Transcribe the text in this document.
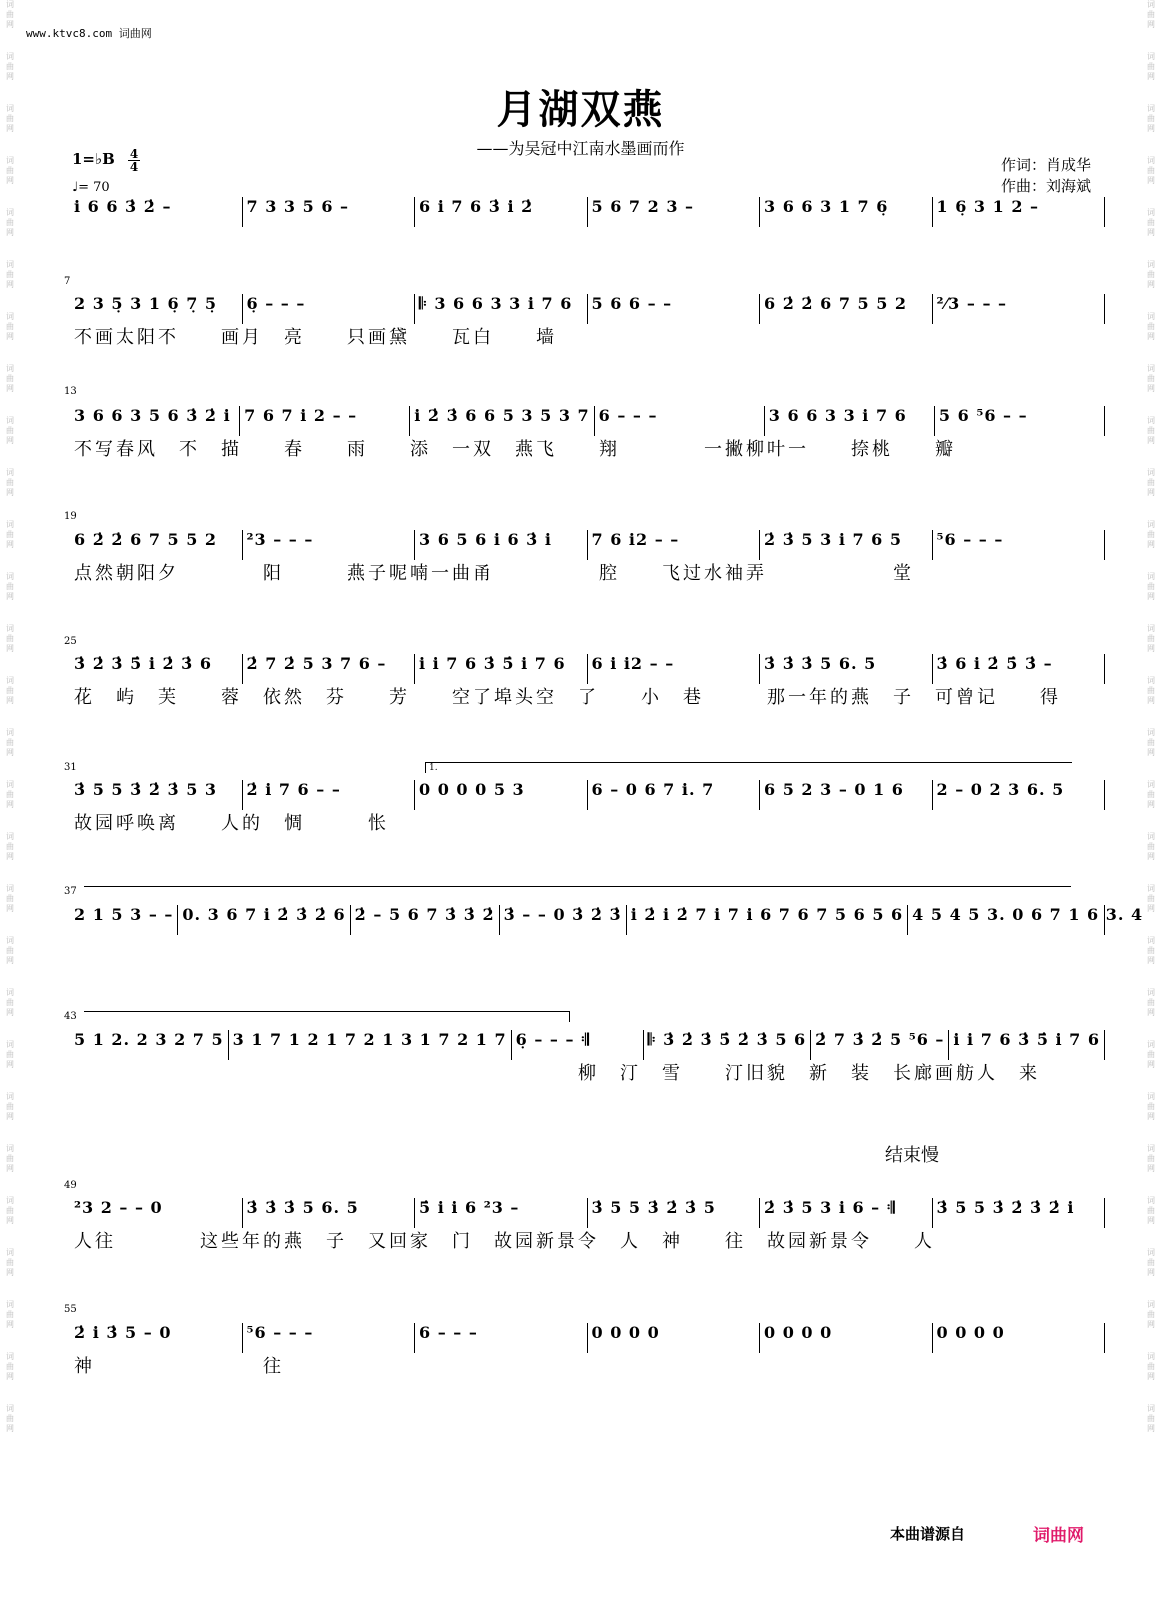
词
曲
网
词
曲
网
词
曲
网
词
曲
网
词
曲
网
词
曲
网
词
曲
网
词
曲
网
词
曲
网
词
曲
网
词
曲
网
词
曲
网
词
曲
网
词
曲
网
词
曲
网
词
曲
网
词
曲
网
词
曲
网
词
曲
网
词
曲
网
词
曲
网
词
曲
网
词
曲
网
词
曲
网
词
曲
网
词
曲
网
词
曲
网
词
曲
网
词
曲
网
词
曲
网
词
曲
网
词
曲
网
词
曲
网
词
曲
网
词
曲
网
词
曲
网
词
曲
网
词
曲
网
词
曲
网
词
曲
网
词
曲
网
词
曲
网
词
曲
网
词
曲
网
词
曲
网
词
曲
网
词
曲
网
词
曲
网
词
曲
网
词
曲
网
词
曲
网
词
曲
网
词
曲
网
词
曲
网
词
曲
网
词
曲
网
www.ktvc8.com 词曲网
月湖双燕
——为吴冠中江南水墨画而作
1=♭B 4
4
♩= 70
作词：肖成华
作曲：刘海斌
7
13
19
25
31
37
43
49
55
1.
i 6 6 3̇ 2̇ –	7 3 3 5 6 –	6 i 7 6 3̇ i 2̇	5 6 7 2 3 –	3 6 6 3 1 7 6̣	1 6̣ 3 1 2 –
2 3 5̣ 3 1 6̣ 7̣ 5̣	6̣ – – –	𝄆 3 6 6 3 3 i 7 6	5 6 6 – –	6 2̇ 2̇ 6 7 5 5 2	²⁄3 – – –
不画太阳不　　画月　亮　　只画黛　　瓦白　　墙
3 6 6 3 5 6 3̇ 2̇ i 7 6 7 i 2 – –	i 2̇ 3̇ 6 6 5 3 5 3 7 6 – – –	3 6 6 3 3 i 7 6	5 6 ⁵6 – –
不写春风　不　描　　春　　雨　　添　一双　燕飞　　翔　　　　一撇柳叶一　　捺桃　　瓣
6 2̇ 2̇ 6 7 5 5 2	²3 – – –	3 6 5 6 i 6 3̇ i	7 6 i2 – –	2̇ 3̇ 5 3 i 7 6 5	⁵6 – – –
点然朝阳夕　　　　阳　　　燕子呢喃一曲甬　　　　　腔　　飞过水袖弄　　　　　　堂
3̇ 2̇ 3̇ 5̇ i 2̇ 3̇ 6	2̇ 7 2̇ 5 3 7 6 –	i i 7 6 3̇ 5̇ i 7 6	6 i i2 – –	3̇ 3̇ 3̇ 5 6. 5	3̇ 6 i 2̇ 5̇ 3̇ –
花　屿　芙　　蓉　依然　芬　　芳　　空了埠头空　了　　小　巷　　　那一年的燕　子　可曾记　　得
3̇ 5 5 3̇ 2̇ 3̇ 5 3	2̇ i 7 6 – –	0 0 0 0 5 3	6 – 0 6 7 i. 7	6 5 2 3 – 0 1 6	2 – 0 2 3 6. 5
故园呼唤离　　人的　惆　　　怅
2 1 5 3 – – 0. 3 6 7 i 2̇ 3̇ 2̇ 6 2̇ – 5 6 7 3̇ 3̇ 2̇ 3̇ – – 0 3̇ 2̇ 3̇ i 2̇ i 2̇ 7 i 7 i 6 7 6 7 5 6 5 6 4 5 4 5 3. 0 6 7 1 6 3. 4
5 1 2. 2 3 2 7 5 3 1 7 1 2 1 7 2 1 3 1 7 2 1 7 6̣ – – – 𝄇	𝄆 3̇ 2̇ 3̇ 5̇ 2̇ 3̇ 5 6 2̇ 7 3̇ 2̇ 5 ⁵6 – i i 7 6 3̇ 5̇ i 7 6
　　　　　　　　　　　　　　　　　　　　　　　　柳　汀　雪　　汀旧貌　新　装　长廊画舫人　来
²3 2 – – 0	3̇ 3̇ 3̇ 5 6. 5	5̇ i i 6 ²3 –	3̇ 5 5 3̇ 2̇ 3̇ 5	2̇ 3̇ 5 3 i 6 – 𝄇	3̇ 5 5 3̇ 2̇ 3̇ 2̇ i
人往　　　　这些年的燕　子　又回家　门　故园新景令　人　神　　往　故园新景令　　人
2̇ i 3̇ 5 – 0	⁵6 – – –	6 – – –	0 0 0 0	0 0 0 0	0 0 0 0
神　　　　　　　　往
结束慢
本曲谱源自	词曲网
